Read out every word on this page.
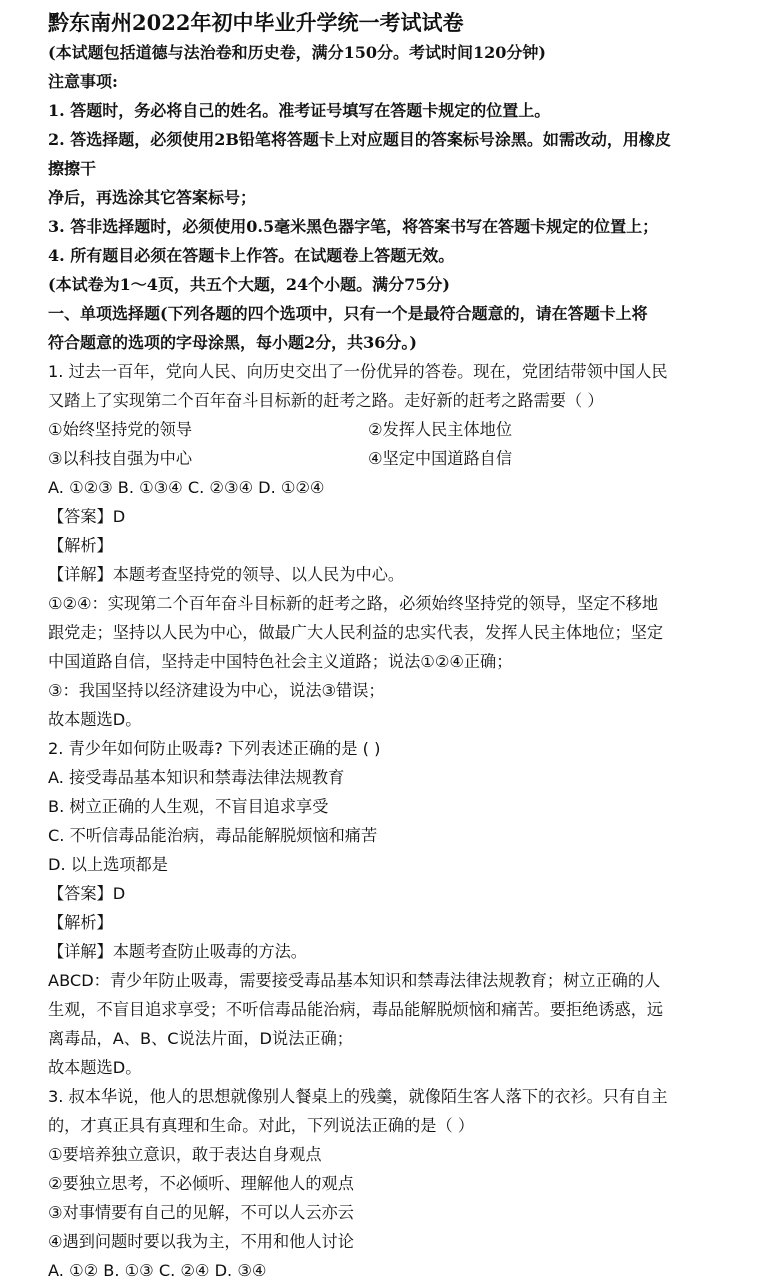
黔东南州2022年初中毕业升学统一考试试卷
(本试题包括道德与法治卷和历史卷，满分150分。考试时间120分钟)
注意事项:
1. 答题时，务必将自己的姓名。准考证号填写在答题卡规定的位置上。
2. 答选择题，必须使用2B铅笔将答题卡上对应题目的答案标号涂黑。如需改动，用橡皮
擦擦干
净后，再选涂其它答案标号；
3. 答非选择题时，必须使用0.5毫米黑色器字笔，将答案书写在答题卡规定的位置上；
4. 所有题目必须在答题卡上作答。在试题卷上答题无效。
(本试卷为1～4页，共五个大题，24个小题。满分75分)
一、单项选择题(下列各题的四个选项中，只有一个是最符合题意的，请在答题卡上将
符合题意的选项的字母涂黑，每小题2分，共36分。)
1. 过去一百年，党向人民、向历史交出了一份优异的答卷。现在，党团结带领中国人民
又踏上了实现第二个百年奋斗目标新的赶考之路。走好新的赶考之路需要（ ）
①始终坚持党的领导	②发挥人民主体地位
③以科技自强为中心	④坚定中国道路自信
A. ①②③ B. ①③④ C. ②③④ D. ①②④
【答案】D
【解析】
【详解】本题考查坚持党的领导、以人民为中心。
①②④：实现第二个百年奋斗目标新的赶考之路，必须始终坚持党的领导，坚定不移地
跟党走；坚持以人民为中心，做最广大人民利益的忠实代表，发挥人民主体地位；坚定
中国道路自信，坚持走中国特色社会主义道路；说法①②④正确；
③：我国坚持以经济建设为中心，说法③错误；
故本题选D。
2. 青少年如何防止吸毒? 下列表述正确的是 ( )
A. 接受毒品基本知识和禁毒法律法规教育
B. 树立正确的人生观，不盲目追求享受
C. 不听信毒品能治病，毒品能解脱烦恼和痛苦
D. 以上选项都是
【答案】D
【解析】
【详解】本题考查防止吸毒的方法。
ABCD：青少年防止吸毒，需要接受毒品基本知识和禁毒法律法规教育；树立正确的人
生观，不盲目追求享受；不听信毒品能治病，毒品能解脱烦恼和痛苦。要拒绝诱惑，远
离毒品，A、B、C说法片面，D说法正确；
故本题选D。
3. 叔本华说，他人的思想就像别人餐桌上的残羹，就像陌生客人落下的衣衫。只有自主
的，才真正具有真理和生命。对此，下列说法正确的是（ ）
①要培养独立意识，敢于表达自身观点
②要独立思考，不必倾听、理解他人的观点
③对事情要有自己的见解，不可以人云亦云
④遇到问题时要以我为主，不用和他人讨论
A. ①② B. ①③ C. ②④ D. ③④
